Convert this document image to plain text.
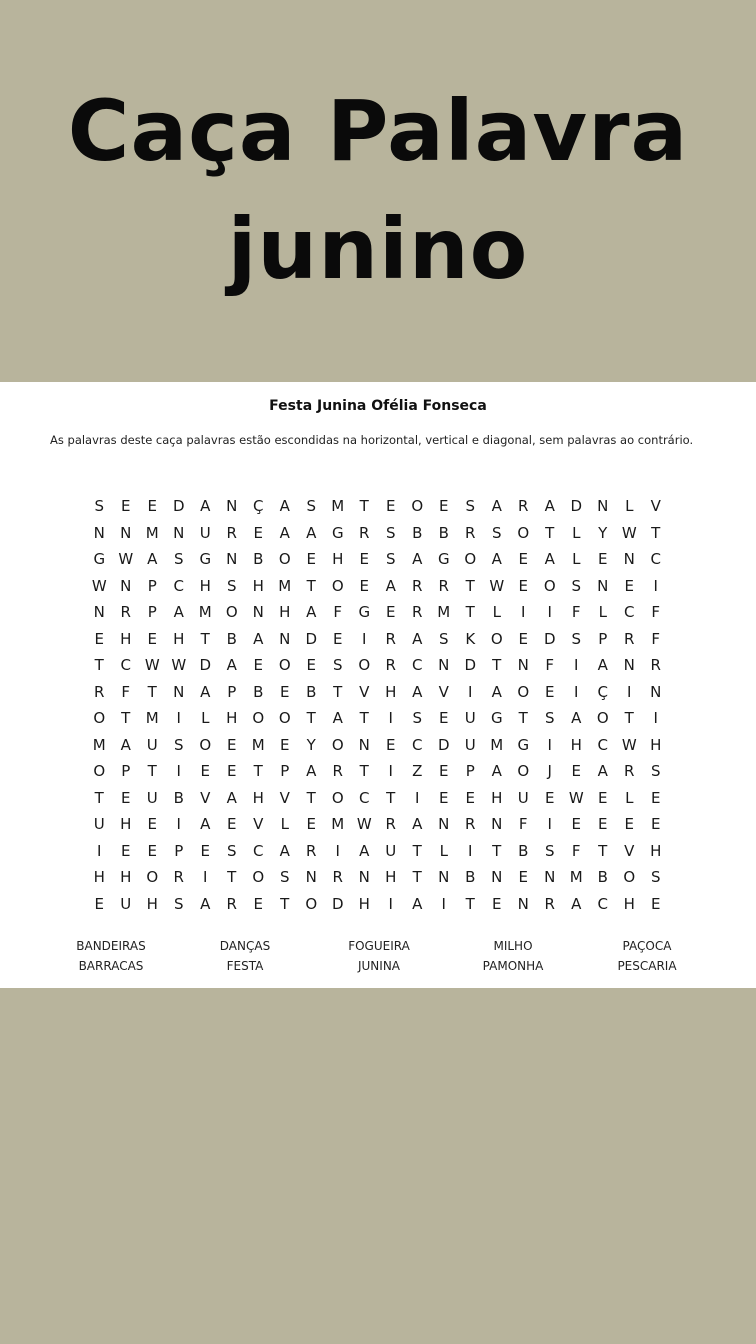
Caça Palavra
junino
Festa Junina Ofélia Fonseca
As palavras deste caça palavras estão escondidas na horizontal, vertical e diagonal, sem palavras ao contrário.
S	E	E	D	A	N	Ç	A	S	M	T	E	O	E	S	A	R	A	D	N	L	V
N	N M N	U	R	E	A	A	G	R	S	B	B	R	S	O	T	L	Y W T
G W A	S	G	N	B	O	E	H	E	S	A	G O	A	E	A	L	E	N	C
W N	P	C	H	S	H M	T	O	E	A	R	R	T W E	O	S	N	E	I
N	R	P	A M O N	H	A	F	G	E	R M	T	L	I	I	F	L	C	F
E	H	E	H	T	B	A	N	D	E	I	R	A	S	K	O	E	D	S	P	R	F
T	C W W D	A	E	O	E	S	O	R	C	N	D	T	N	F	I	A	N	R
R	F	T	N	A	P	B	E	B	T	V	H	A	V	I	A	O	E	I	Ç	I	N
O	T	M	I	L	H O O	T	A	T	I	S	E	U	G	T	S	A	O	T	I
M A	U	S	O	E	M	E	Y	O N	E	C	D	U M G	I	H	C W H
O	P	T	I	E	E	T	P	A	R	T	I	Z	E	P	A	O	J	E	A	R	S
T	E	U	B	V	A	H	V	T	O	C	T	I	E	E	H	U	E W E	L	E
U	H	E	I	A	E	V	L	E	M W R	A	N	R	N	F	I	E	E	E	E
I	E	E	P	E	S	C	A	R	I	A	U	T	L	I	T	B	S	F	T	V	H
H	H O	R	I	T	O	S	N	R	N	H	T	N	B	N	E	N M B	O	S
E	U	H	S	A	R	E	T	O D	H	I	A	I	T	E	N	R	A	C	H	E
BANDEIRAS
BARRACAS
DANÇAS
FESTA
FOGUEIRA
JUNINA
MILHO
PAMONHA
PAÇOCA
PESCARIA
